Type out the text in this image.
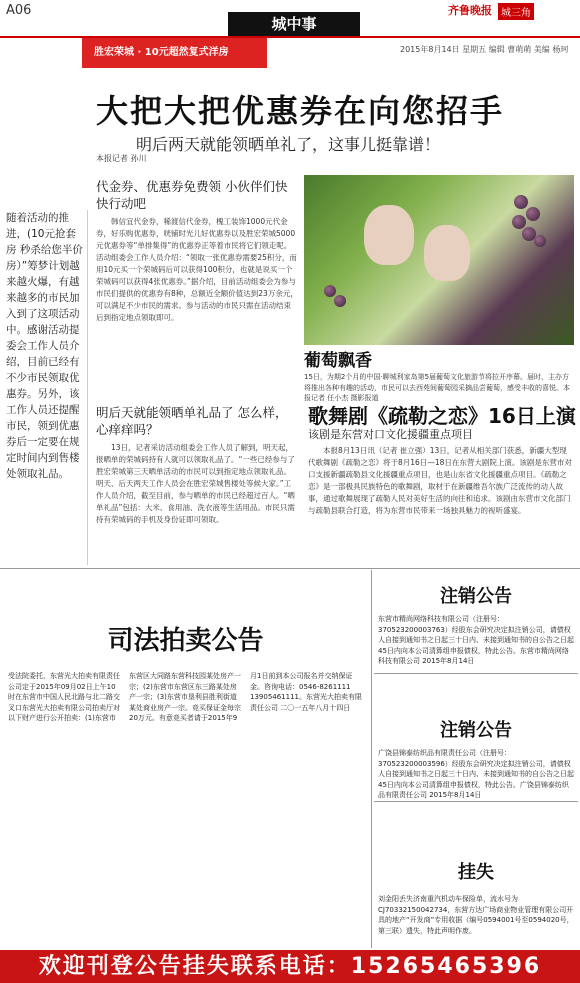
A06
城中事
齐鲁晚报 城三角
胜宏荣城 · 10元超然复式洋房	2015年8月14日 星期五 编辑 曹萌萌 美编 杨珂
大把大把优惠券在向您招手
明后两天就能领晒单礼了，这事儿挺靠谱！
本报记者 孙川
随着活动的推进，(10元抢套房 秒杀给您半价房）”筹梦计划越来越火爆，有越来越多的市民加入到了这项活动中。感谢活动提委会工作人员介绍，目前已经有不少市民领取优惠券。另外，该工作人员还提醒市民，领到优惠券后一定要在规定时间内到售楼处领取礼品。
代金券、优惠券免费领 小伙伴们快快行动吧
韩信宜代金券，稀渡信代金券，槐工装饰1000元代金券，好乐购优惠券，咣铺时光儿好优惠券以及胜宏荣城5000元优惠券等“单排集得”的优惠券正等着市民将它们领走呢。活动组委会工作人员介绍：“领取一张优惠券需要25积分，而用10元买一个荣城码后可以获得100积分，也就是说买一个荣城码可以获得4张优惠券。”据介绍，目前活动组委会为参与市民们提供的优惠券有8种，总额近全额价值达到23万余元，可以满足不少市民的需求。参与活动的市民只需在活动结束后到指定地点领取即可。
明后天就能领晒单礼品了 怎么样，心痒痒吗？
13日，记者采访活动组委会工作人员了解到，明天起，报晒单的荣城码持有人就可以领取礼品了。“一些已经参与了胜宏荣城第三天晒单活动的市民可以到指定地点领取礼品。明天、后天两天工作人员会在胜宏荣城售楼处等候大家。”工作人员介绍，截至目前，参与晒单的市民已经超过百人。“晒单礼品”包括：大米、食用油、洗衣液等生活用品。市民只需持有荣城码的手机及身份证即可领取。
葡萄飘香
15日，为期2个月的中国·聊城利家岛第5届葡萄文化旅游节将拉开序幕。届时，主办方将推出各种有趣的活动，市民可以去西苑间葡萄园采摘品尝葡萄，感受丰收的喜悦。本报记者 任小杰 摄影报道
歌舞剧《疏勒之恋》16日上演
该剧是东营对口文化援疆重点项目
本报8月13日讯（记者 崔立强）13日，记者从相关部门获悉，新疆大型现代歌舞剧《疏勒之恋》将于8月16日—18日在东营大剧院上演。该剧是东营市对口支援新疆疏勒县文化援疆重点项目，也是山东省文化援疆重点项目。《疏勒之恋》是一部极具民族特色的歌舞剧，取材于在新疆维吾尔族广泛流传的动人故事，通过歌舞展现了疏勒人民对美好生活的向往和追求。该剧由东营市文化部门与疏勒县联合打造，将为东营市民带来一场独具魅力的视听盛宴。
司法拍卖公告
受法院委托，东营光大拍卖有限责任公司定于2015年09月02日上午10时在东营市中国人民北路与北二路交叉口东营光大拍卖有限公司拍卖厅对以下财产进行公开拍卖：(1)东营市东营区大同路东营科技园某处房产一宗；(2)东营市东营区东三路某处房产一宗；(3)东营市垦利县胜利街道某处商业房产一宗。竞买保证金每宗20万元。有意竞买者请于2015年9月1日前到本公司报名并交纳保证金。咨询电话：0546-8261111 13905461111。东营光大拍卖有限责任公司 二〇一五年八月十四日
注销公告
东营市精尚网络科技有限公司（注册号：370523200003763）经股东会研究决定拟注销公司，请债权人自接到通知书之日起三十日内、未接到通知书的自公告之日起45日内向本公司清算组申报债权，特此公告。东营市精尚网络科技有限公司 2015年8月14日
注销公告
广饶县锦泰纺织品有限责任公司（注册号：370523200003596）经股东会研究决定拟注销公司，请债权人自接到通知书之日起三十日内、未接到通知书的自公告之日起45日内向本公司清算组申报债权，特此公告。广饶县锦泰纺织品有限责任公司 2015年8月14日
挂失
刘金阳丢失济南重汽机动车保险单，流水号为CJ70332150042734，东营方达广场商业物业管理有限公司开具的地产“开发商”专用收据（编号0594001号至0594020号，第三联）遗失，特此声明作废。
欢迎刊登公告挂失联系电话：15265465396
